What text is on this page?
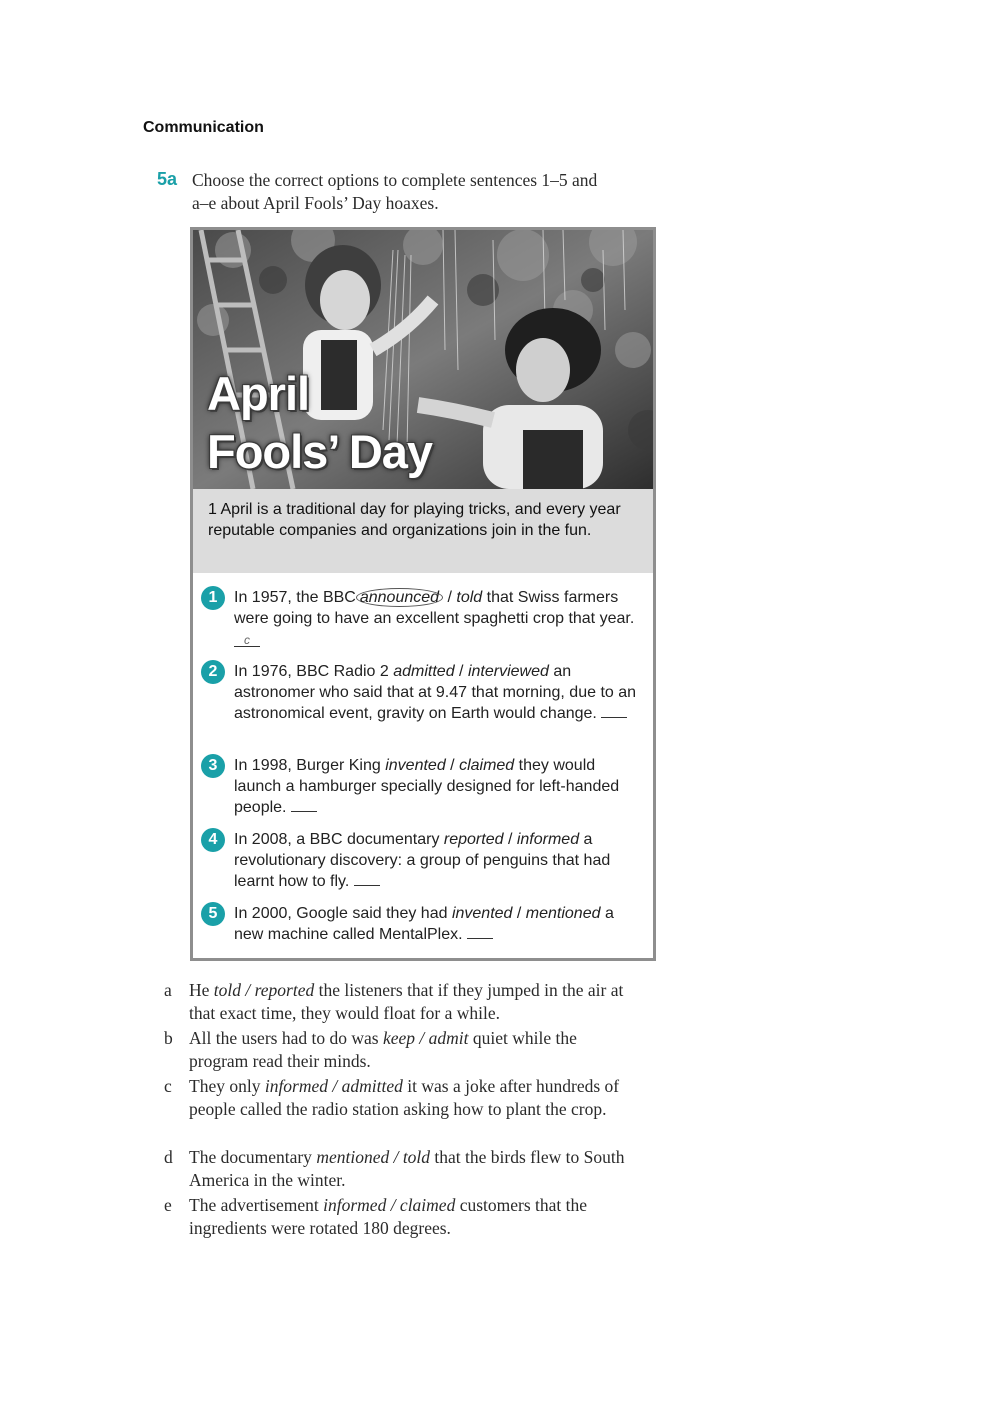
Communication
5a Choose the correct options to complete sentences 1–5 and
a–e about April Fools’ Day hoaxes.
April
Fools’ Day
1 April is a traditional day for playing tricks, and every year reputable companies and organizations join in the fun.
1	In 1957, the BBC announced / told that Swiss farmers were going to have an excellent spaghetti crop that year. c
2	In 1976, BBC Radio 2 admitted / interviewed an astronomer who said that at 9.47 that morning, due to an astronomical event, gravity on Earth would change.
3	In 1998, Burger King invented / claimed they would launch a hamburger specially designed for left-handed people.
4	In 2008, a BBC documentary reported / informed a revolutionary discovery: a group of penguins that had learnt how to fly.
5	In 2000, Google said they had invented / mentioned a new machine called MentalPlex.
a He told / reported the listeners that if they jumped in the air at that exact time, they would float for a while.
b All the users had to do was keep / admit quiet while the program read their minds.
c They only informed / admitted it was a joke after hundreds of people called the radio station asking how to plant the crop.
d The documentary mentioned / told that the birds flew to South America in the winter.
e The advertisement informed / claimed customers that the ingredients were rotated 180 degrees.
